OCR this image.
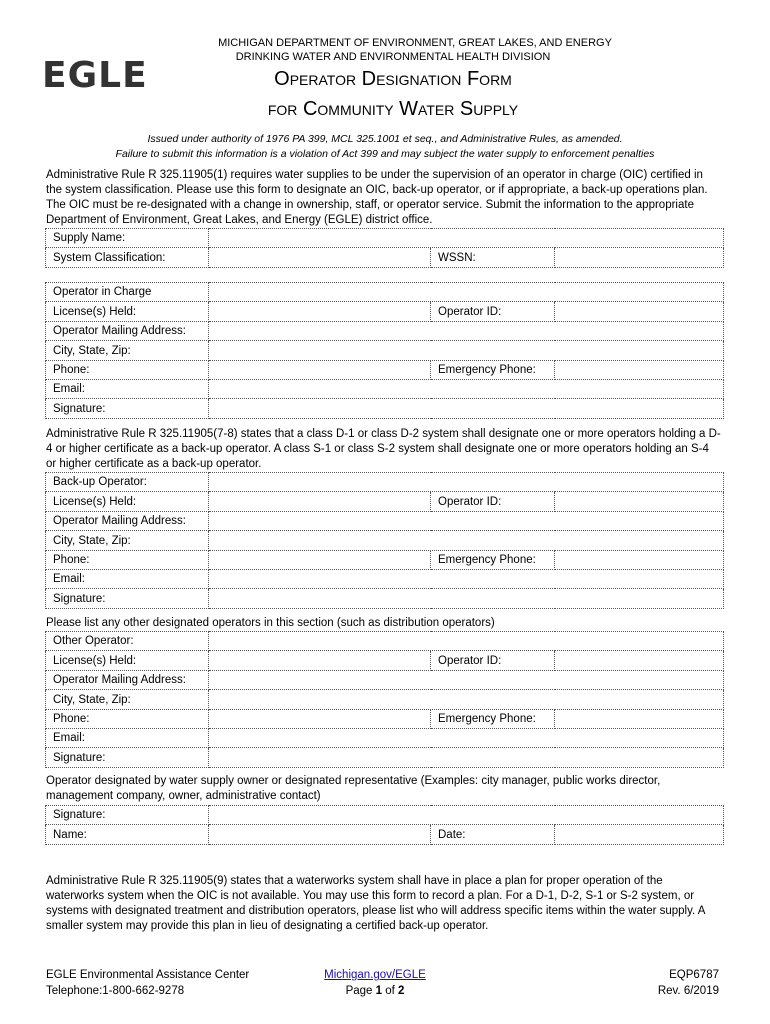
EGLE
MICHIGAN DEPARTMENT OF ENVIRONMENT, GREAT LAKES, AND ENERGY
DRINKING WATER AND ENVIRONMENTAL HEALTH DIVISION
Operator Designation Form
for Community Water Supply
Issued under authority of 1976 PA 399, MCL 325.1001 et seq., and Administrative Rules, as amended.
Failure to submit this information is a violation of Act 399 and may subject the water supply to enforcement penalties

Administrative Rule R 325.11905(1) requires water supplies to be under the supervision of an operator in charge (OIC) certified in the system classification. Please use this form to designate an OIC, back-up operator, or if appropriate, a back-up operations plan. The OIC must be re-designated with a change in ownership, staff, or operator service. Submit the information to the appropriate Department of Environment, Great Lakes, and Energy (EGLE) district office.

Supply Name:			
System Classification:		WSSN:	
Operator in Charge			
License(s) Held:		Operator ID:	
Operator Mailing Address:			
City, State, Zip:			
Phone:		Emergency Phone:	
Email:			
Signature:			

Administrative Rule R 325.11905(7-8) states that a class D-1 or class D-2 system shall designate one or more operators holding a D-4 or higher certificate as a back-up operator. A class S-1 or class S-2 system shall designate one or more operators holding an S-4 or higher certificate as a back-up operator.

Back-up Operator:			
License(s) Held:		Operator ID:	
Operator Mailing Address:			
City, State, Zip:			
Phone:		Emergency Phone:	
Email:			
Signature:			

Please list any other designated operators in this section (such as distribution operators)

Other Operator:			
License(s) Held:		Operator ID:	
Operator Mailing Address:			
City, State, Zip:			
Phone:		Emergency Phone:	
Email:			
Signature:			

Operator designated by water supply owner or designated representative (Examples: city manager, public works director, management company, owner, administrative contact)

Signature:			
Name:		Date:	

Administrative Rule R 325.11905(9) states that a waterworks system shall have in place a plan for proper operation of the waterworks system when the OIC is not available. You may use this form to record a plan. For a D-1, D-2, S-1 or S-2 system, or systems with designated treatment and distribution operators, please list who will address specific items within the water supply. A smaller system may provide this plan in lieu of designating a certified back-up operator.

EGLE Environmental Assistance Center
Telephone:1-800-662-9278
Michigan.gov/EGLE
Page 1 of 2
EQP6787
Rev. 6/2019
